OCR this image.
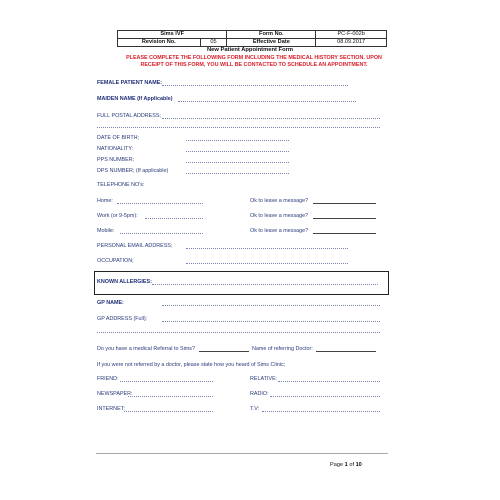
Sims IVF		Form No.	PC-F-002b
Revision No.	05	Effective Date	08.09.2017
New Patient Appointment Form
PLEASE COMPLETE THE FOLLOWING FORM INCLUDING THE MEDICAL HISTORY SECTION. UPON RECEIPT OF THIS FORM, YOU WILL BE CONTACTED TO SCHEDULE AN APPOINTMENT.
FEMALE PATIENT NAME:
MAIDEN NAME (If Applicable)
FULL POSTAL ADDRESS;
DATE OF BIRTH;
NATIONALITY:
PPS NUMBER;
DPS NUMBER; (If applicable)
TELEPHONE NO's:
Home:	Ok to leave a message?
Work (or 9-5pm):	Ok to leave a message?
Mobile:	Ok to leave a message?
PERSONAL EMAIL ADDRESS;
OCCUPATION;
KNOWN ALLERGIES:
GP NAME:
GP ADDRESS (Full);
Do you have a medical Referral to Sims?	Name of referring Doctor:
If you were not referred by a doctor, please state how you heard of Sims Clinic;
FRIEND:	RELATIVE:
NEWSPAPER:	RADIO:
INTERNET:	T.V:
Page 1 of 10
